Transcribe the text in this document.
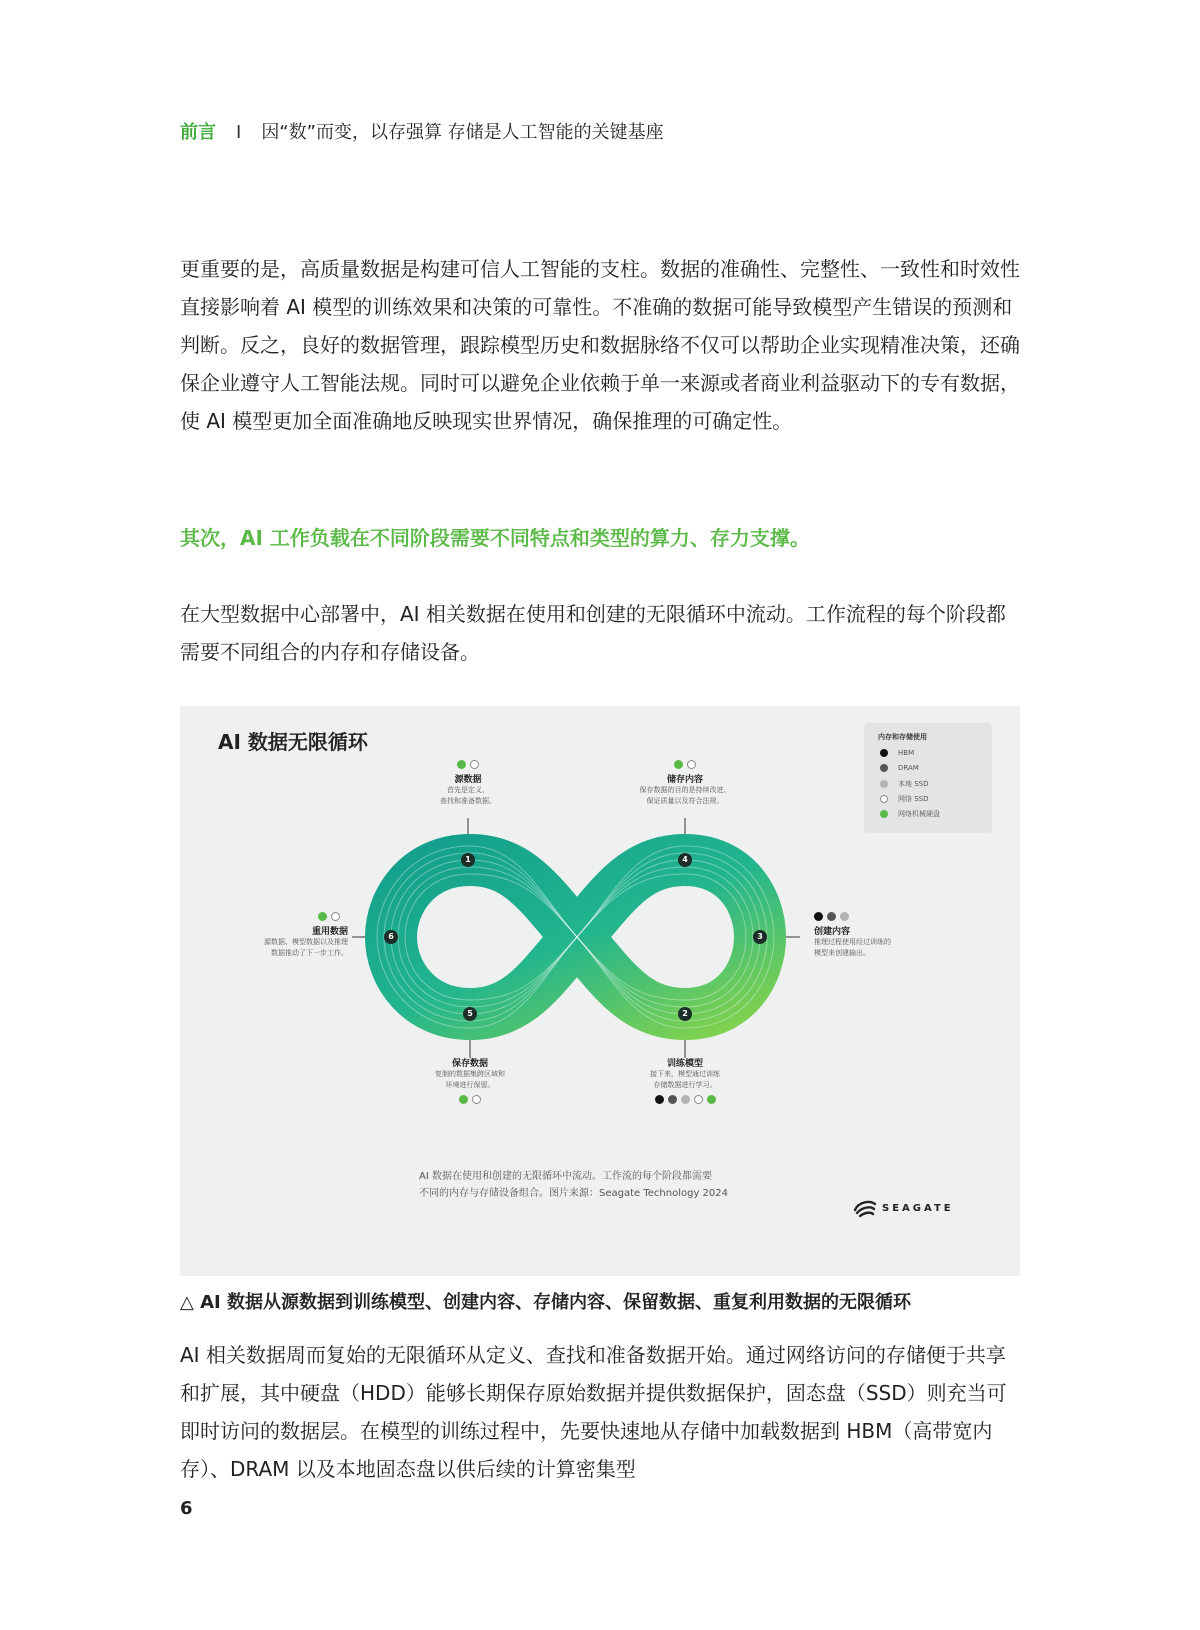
前言 I 因“数”而变，以存强算 存储是人工智能的关键基座

更重要的是，高质量数据是构建可信人工智能的支柱。数据的准确性、完整性、一致性和时效性直接影响着 AI 模型的训练效果和决策的可靠性。不准确的数据可能导致模型产生错误的预测和判断。反之，良好的数据管理，跟踪模型历史和数据脉络不仅可以帮助企业实现精准决策，还确保企业遵守人工智能法规。同时可以避免企业依赖于单一来源或者商业利益驱动下的专有数据，使 AI 模型更加全面准确地反映现实世界情况，确保推理的可确定性。

其次，AI 工作负载在不同阶段需要不同特点和类型的算力、存力支撑。

在大型数据中心部署中，AI 相关数据在使用和创建的无限循环中流动。工作流程的每个阶段都需要不同组合的内存和存储设备。

AI 数据无限循环
1
2
3
4
5
6
源数据
首先是定义、
查找和准备数据。
储存内容
保存数据的目的是持续改进、
保证质量以及符合法规。
重用数据
源数据、模型数据以及推理
数据推动了下一步工作。
创建内容
推理过程使用经过训练的
模型来创建输出。
保存数据
复制的数据集跨区域和
环境进行保留。
训练模型
接下来，模型通过训练
存储数据进行学习。
内存和存储使用
HBM
DRAM
本地 SSD
网络 SSD
网络机械硬盘
AI 数据在使用和创建的无限循环中流动。工作流的每个阶段都需要
不同的内存与存储设备组合。图片来源：Seagate Technology 2024
SEAGATE
△ AI 数据从源数据到训练模型、创建内容、存储内容、保留数据、重复利用数据的无限循环

AI 相关数据周而复始的无限循环从定义、查找和准备数据开始。通过网络访问的存储便于共享和扩展，其中硬盘（HDD）能够长期保存原始数据并提供数据保护，固态盘（SSD）则充当可即时访问的数据层。在模型的训练过程中，先要快速地从存储中加载数据到 HBM（高带宽内存）、DRAM 以及本地固态盘以供后续的计算密集型

6
